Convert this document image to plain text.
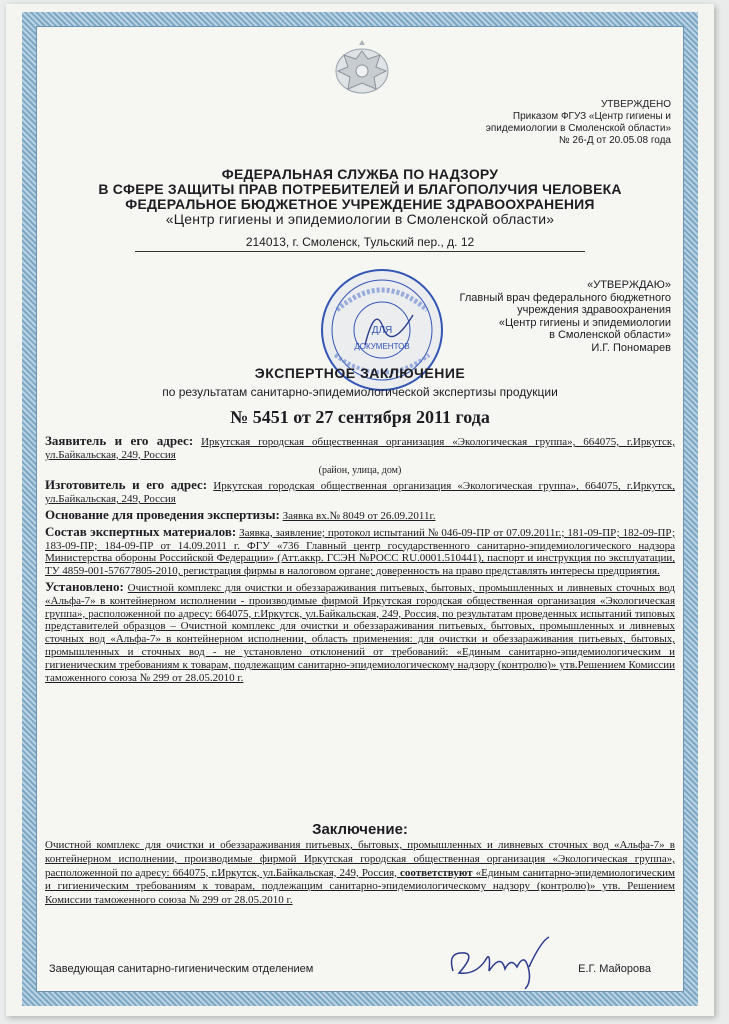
УТВЕРЖДЕНО
Приказом ФГУЗ «Центр гигиены и
эпидемиологии в Смоленской области»
№ 26-Д от 20.05.08 года
ФЕДЕРАЛЬНАЯ СЛУЖБА ПО НАДЗОРУ
В СФЕРЕ ЗАЩИТЫ ПРАВ ПОТРЕБИТЕЛЕЙ И БЛАГОПОЛУЧИЯ ЧЕЛОВЕКА
ФЕДЕРАЛЬНОЕ БЮДЖЕТНОЕ УЧРЕЖДЕНИЕ ЗДРАВООХРАНЕНИЯ
«Центр гигиены и эпидемиологии в Смоленской области»
214013, г. Смоленск, Тульский пер., д. 12
ДЛЯ
ДОКУМЕНТОВ
«УТВЕРЖДАЮ»
Главный врач федерального бюджетного
учреждения здравоохранения
«Центр гигиены и эпидемиологии
в Смоленской области»
И.Г. Пономарев
ЭКСПЕРТНОЕ ЗАКЛЮЧЕНИЕ
по результатам санитарно-эпидемиологической экспертизы продукции
№ 5451 от 27 сентября 2011 года

Заявитель и его адрес: Иркутская городская общественная организация «Экологическая группа», 664075, г.Иркутск, ул.Байкальская, 249, Россия

(район, улица, дом)

Изготовитель и его адрес: Иркутская городская общественная организация «Экологическая группа», 664075, г.Иркутск, ул.Байкальская, 249, Россия

Основание для проведения экспертизы: Заявка вх.№ 8049 от 26.09.2011г.

Состав экспертных материалов: Заявка, заявление; протокол испытаний № 046-09-ПР от 07.09.2011г.; 181-09-ПР; 182-09-ПР; 183-09-ПР; 184-09-ПР от 14.09.2011 г. ФГУ «736 Главный центр государственного санитарно-эпидемиологического надзора Министерства обороны Российской Федерации» (Атт.аккр. ГСЭН №РОСС RU.0001.510441), паспорт и инструкция по эксплуатации, ТУ 4859-001-57677805-2010, регистрация фирмы в налоговом органе; доверенность на право представлять интересы предприятия.

Установлено: Очистной комплекс для очистки и обеззараживания питьевых, бытовых, промышленных и ливневых сточных вод «Альфа-7» в контейнерном исполнении - производимые фирмой Иркутская городская общественная организация «Экологическая группа», расположенной по адресу: 664075, г.Иркутск, ул.Байкальская, 249, Россия, по результатам проведенных испытаний типовых представителей образцов – Очистной комплекс для очистки и обеззараживания питьевых, бытовых, промышленных и ливневых сточных вод «Альфа-7» в контейнерном исполнении, область применения: для очистки и обеззараживания питьевых, бытовых, промышленных и сточных вод - не установлено отклонений от требований: «Единым санитарно-эпидемиологическим и гигиеническим требованиям к товарам, подлежащим санитарно-эпидемиологическому надзору (контролю)» утв.Решением Комиссии таможенного союза № 299 от 28.05.2010 г.

Заключение:
Очистной комплекс для очистки и обеззараживания питьевых, бытовых, промышленных и ливневых сточных вод «Альфа-7» в контейнерном исполнении, производимые фирмой Иркутская городская общественная организация «Экологическая группа», расположенной по адресу: 664075, г.Иркутск, ул.Байкальская, 249, Россия, соответствуют «Единым санитарно-эпидемиологическим и гигиеническим требованиям к товарам, подлежащим санитарно-эпидемиологическому надзору (контролю)» утв. Решением Комиссии таможенного союза № 299 от 28.05.2010 г.
Заведующая санитарно-гигиеническим отделением	Е.Г. Майорова
